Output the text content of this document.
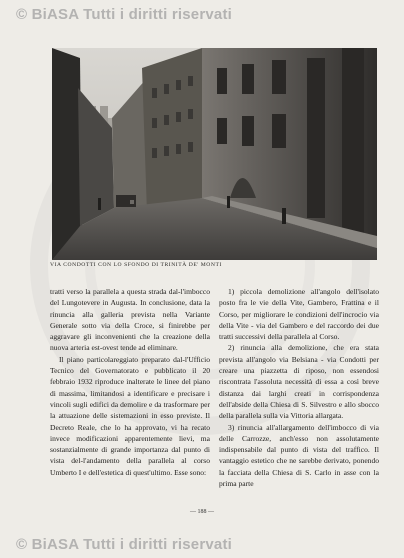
© BiASA Tutti i diritti riservati
VIA CONDOTTI CON LO SFONDO DI TRINITÀ DE' MONTI

tratti verso la parallela a questa strada dal-l'imbocco del Lungotevere in Augusta. In conclusione, data la rinuncia alla galleria prevista nella Variante Generale sotto via della Croce, si finirebbe per aggravare gli inconvenienti che la creazione della nuova arteria est-ovest tende ad eliminare.

Il piano particolareggiato preparato dal-l'Ufficio Tecnico del Governatorato e pubblicato il 20 febbraio 1932 riproduce inalterate le linee del piano di massima, limitandosi a identificare e precisare i vincoli sugli edifici da demolire e da trasformare per la attuazione delle sistemazioni in esso previste. Il Decreto Reale, che lo ha approvato, vi ha recato invece modificazioni apparentemente lievi, ma sostanzialmente di grande importanza dal punto di vista del-l'andamento della parallela al corso Umberto I e dell'estetica di quest'ultimo. Esse sono:

1) piccola demolizione all'angolo dell'isolato posto fra le vie della Vite, Gambero, Frattina e il Corso, per migliorare le condizioni dell'incrocio via della Vite - via del Gambero e del raccordo dei due tratti successivi della parallela al Corso.

2) rinuncia alla demolizione, che era stata prevista all'angolo via Belsiana - via Condotti per creare una piazzetta di riposo, non essendosi riscontrata l'assoluta necessità di essa a così breve distanza dai larghi creati in corrispondenza dell'abside della Chiesa di S. Silvestro e allo sbocco della parallela sulla via Vittoria allargata.

3) rinuncia all'allargamento dell'imbocco di via delle Carrozze, anch'esso non assolutamente indispensabile dal punto di vista del traffico. Il vantaggio estetico che ne sarebbe derivato, ponendo la facciata della Chiesa di S. Carlo in asse con la prima parte

— 188 —
© BiASA Tutti i diritti riservati
